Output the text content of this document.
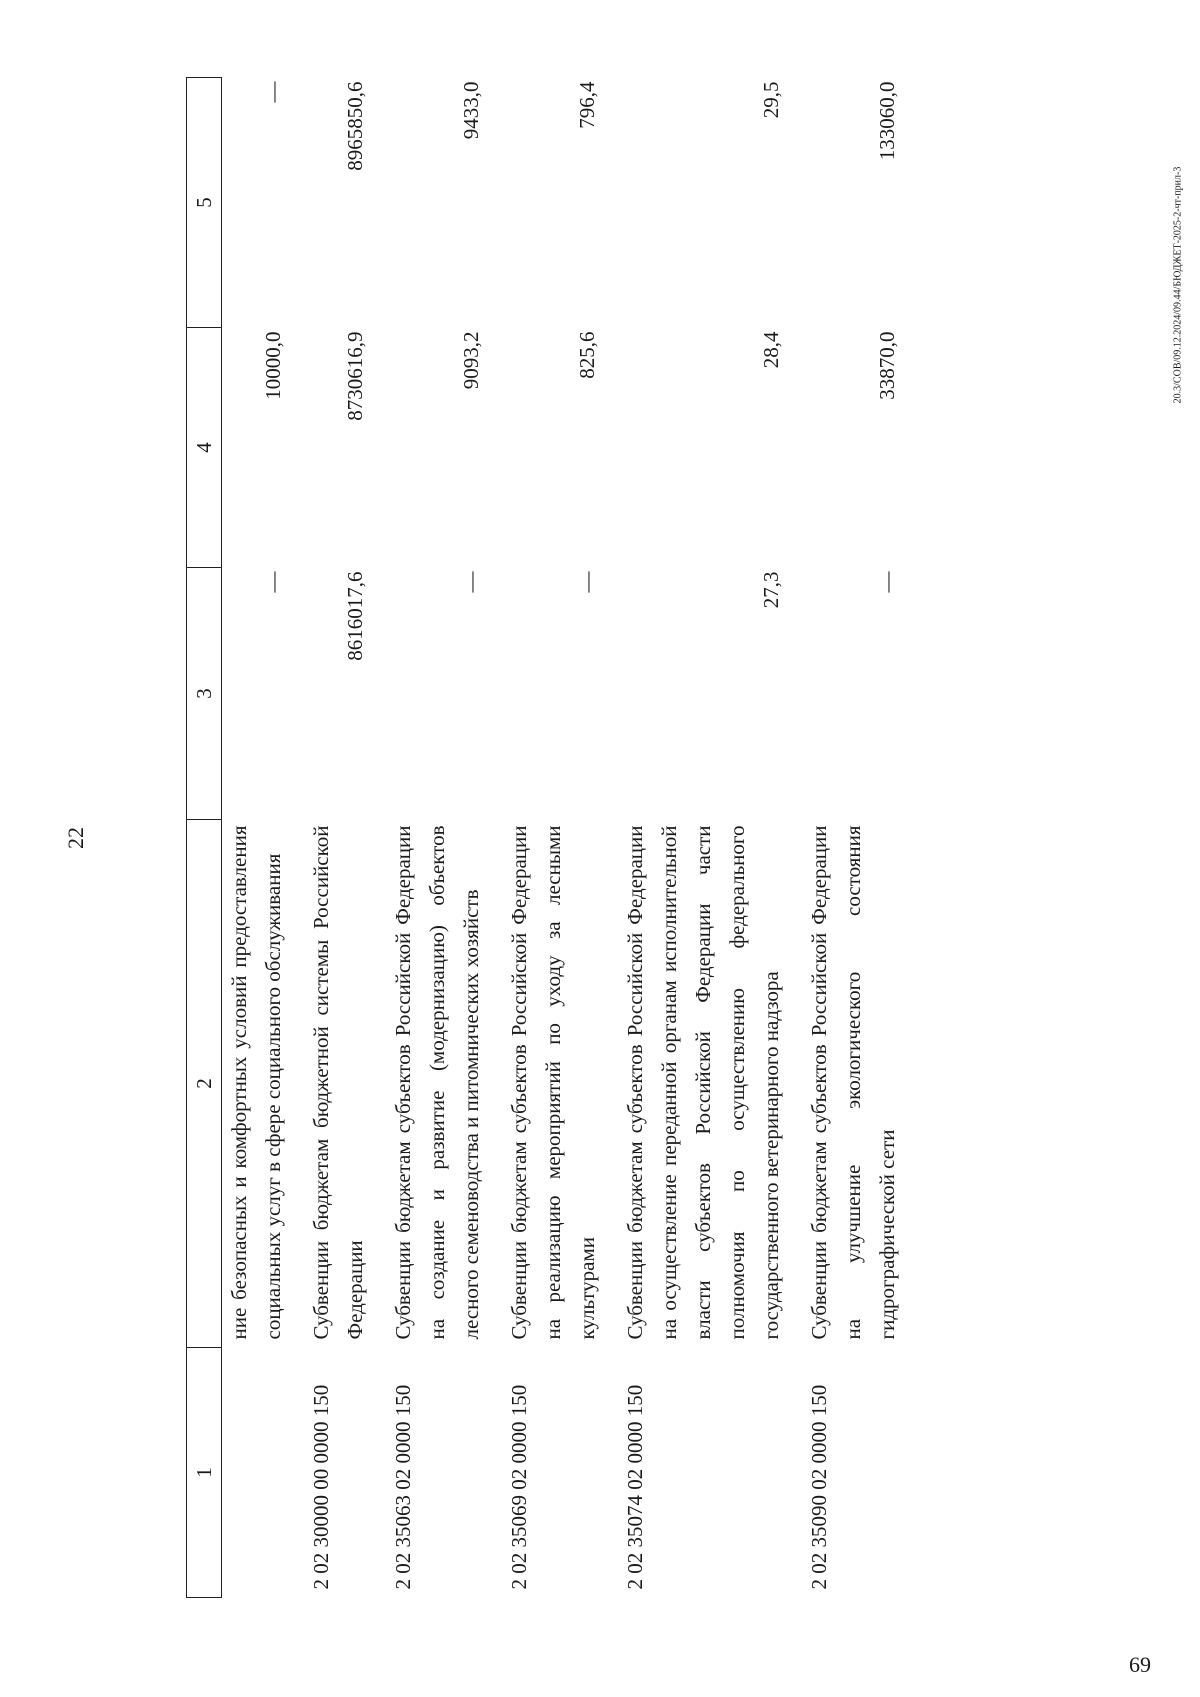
22
69
20.3/СОВ/09.12.2024/09.44/БЮДЖЕТ-2025-2-чт-прил-3
1	2	3	4	5
	ние безопасных и комфортных условий предоставления социальных услуг в сфере социального обслуживания	—	10000,0	—
2 02 30000 00 0000 150	Субвенции бюджетам бюджетной системы Российской Федерации	8616017,6	8730616,9	8965850,6
2 02 35063 02 0000 150	Субвенции бюджетам субъектов Российской Федерации на создание и развитие (модернизацию) объектов лесного семеноводства и питомнических хозяйств	—	9093,2	9433,0
2 02 35069 02 0000 150	Субвенции бюджетам субъектов Российской Федерации на реализацию мероприятий по уходу за лесными культурами	—	825,6	796,4
2 02 35074 02 0000 150	Субвенции бюджетам субъектов Российской Федерации на осуществление переданной органам исполнительной власти субъектов Российской Федерации части полномочия по осуществлению федерального государственного ветеринарного надзора	27,3	28,4	29,5
2 02 35090 02 0000 150	Субвенции бюджетам субъектов Российской Федерации на улучшение экологического состояния гидрографической сети	—	33870,0	133060,0
